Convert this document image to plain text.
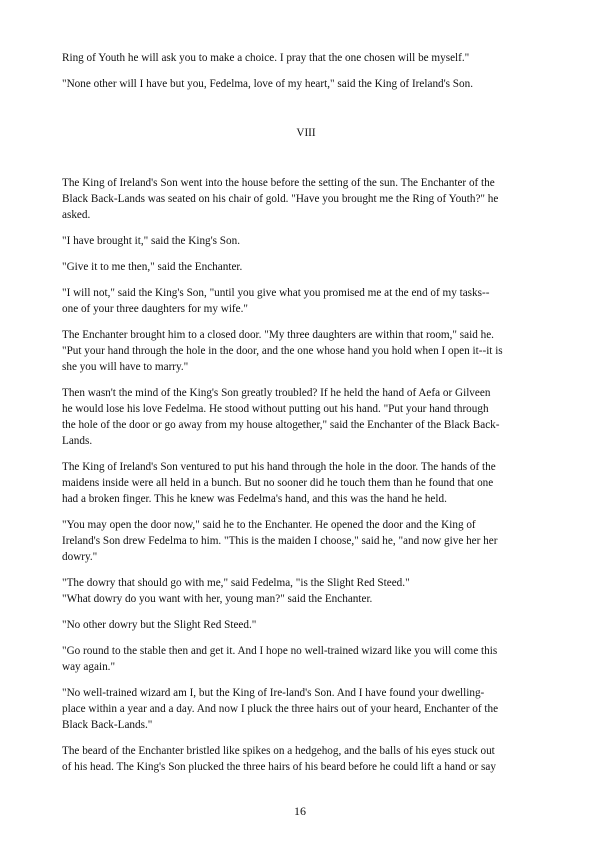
Ring of Youth he will ask you to make a choice. I pray that the one chosen will be myself."
"None other will I have but you, Fedelma, love of my heart," said the King of Ireland's Son.
VIII
The King of Ireland's Son went into the house before the setting of the sun. The Enchanter of the
Black Back-Lands was seated on his chair of gold. "Have you brought me the Ring of Youth?" he
asked.
"I have brought it," said the King's Son.
"Give it to me then," said the Enchanter.
"I will not," said the King's Son, "until you give what you promised me at the end of my tasks--
one of your three daughters for my wife."
The Enchanter brought him to a closed door. "My three daughters are within that room," said he.
"Put your hand through the hole in the door, and the one whose hand you hold when I open it--it is
she you will have to marry."
Then wasn't the mind of the King's Son greatly troubled? If he held the hand of Aefa or Gilveen
he would lose his love Fedelma. He stood without putting out his hand. "Put your hand through
the hole of the door or go away from my house altogether," said the Enchanter of the Black Back-
Lands.
The King of Ireland's Son ventured to put his hand through the hole in the door. The hands of the
maidens inside were all held in a bunch. But no sooner did he touch them than he found that one
had a broken finger. This he knew was Fedelma's hand, and this was the hand he held.
"You may open the door now," said he to the Enchanter. He opened the door and the King of
Ireland's Son drew Fedelma to him. "This is the maiden I choose," said he, "and now give her her
dowry."
"The dowry that should go with me," said Fedelma, "is the Slight Red Steed."
"What dowry do you want with her, young man?" said the Enchanter.
"No other dowry but the Slight Red Steed."
"Go round to the stable then and get it. And I hope no well-trained wizard like you will come this
way again."
"No well-trained wizard am I, but the King of Ire-land's Son. And I have found your dwelling-
place within a year and a day. And now I pluck the three hairs out of your heard, Enchanter of the
Black Back-Lands."
The beard of the Enchanter bristled like spikes on a hedgehog, and the balls of his eyes stuck out
of his head. The King's Son plucked the three hairs of his beard before he could lift a hand or say
16
